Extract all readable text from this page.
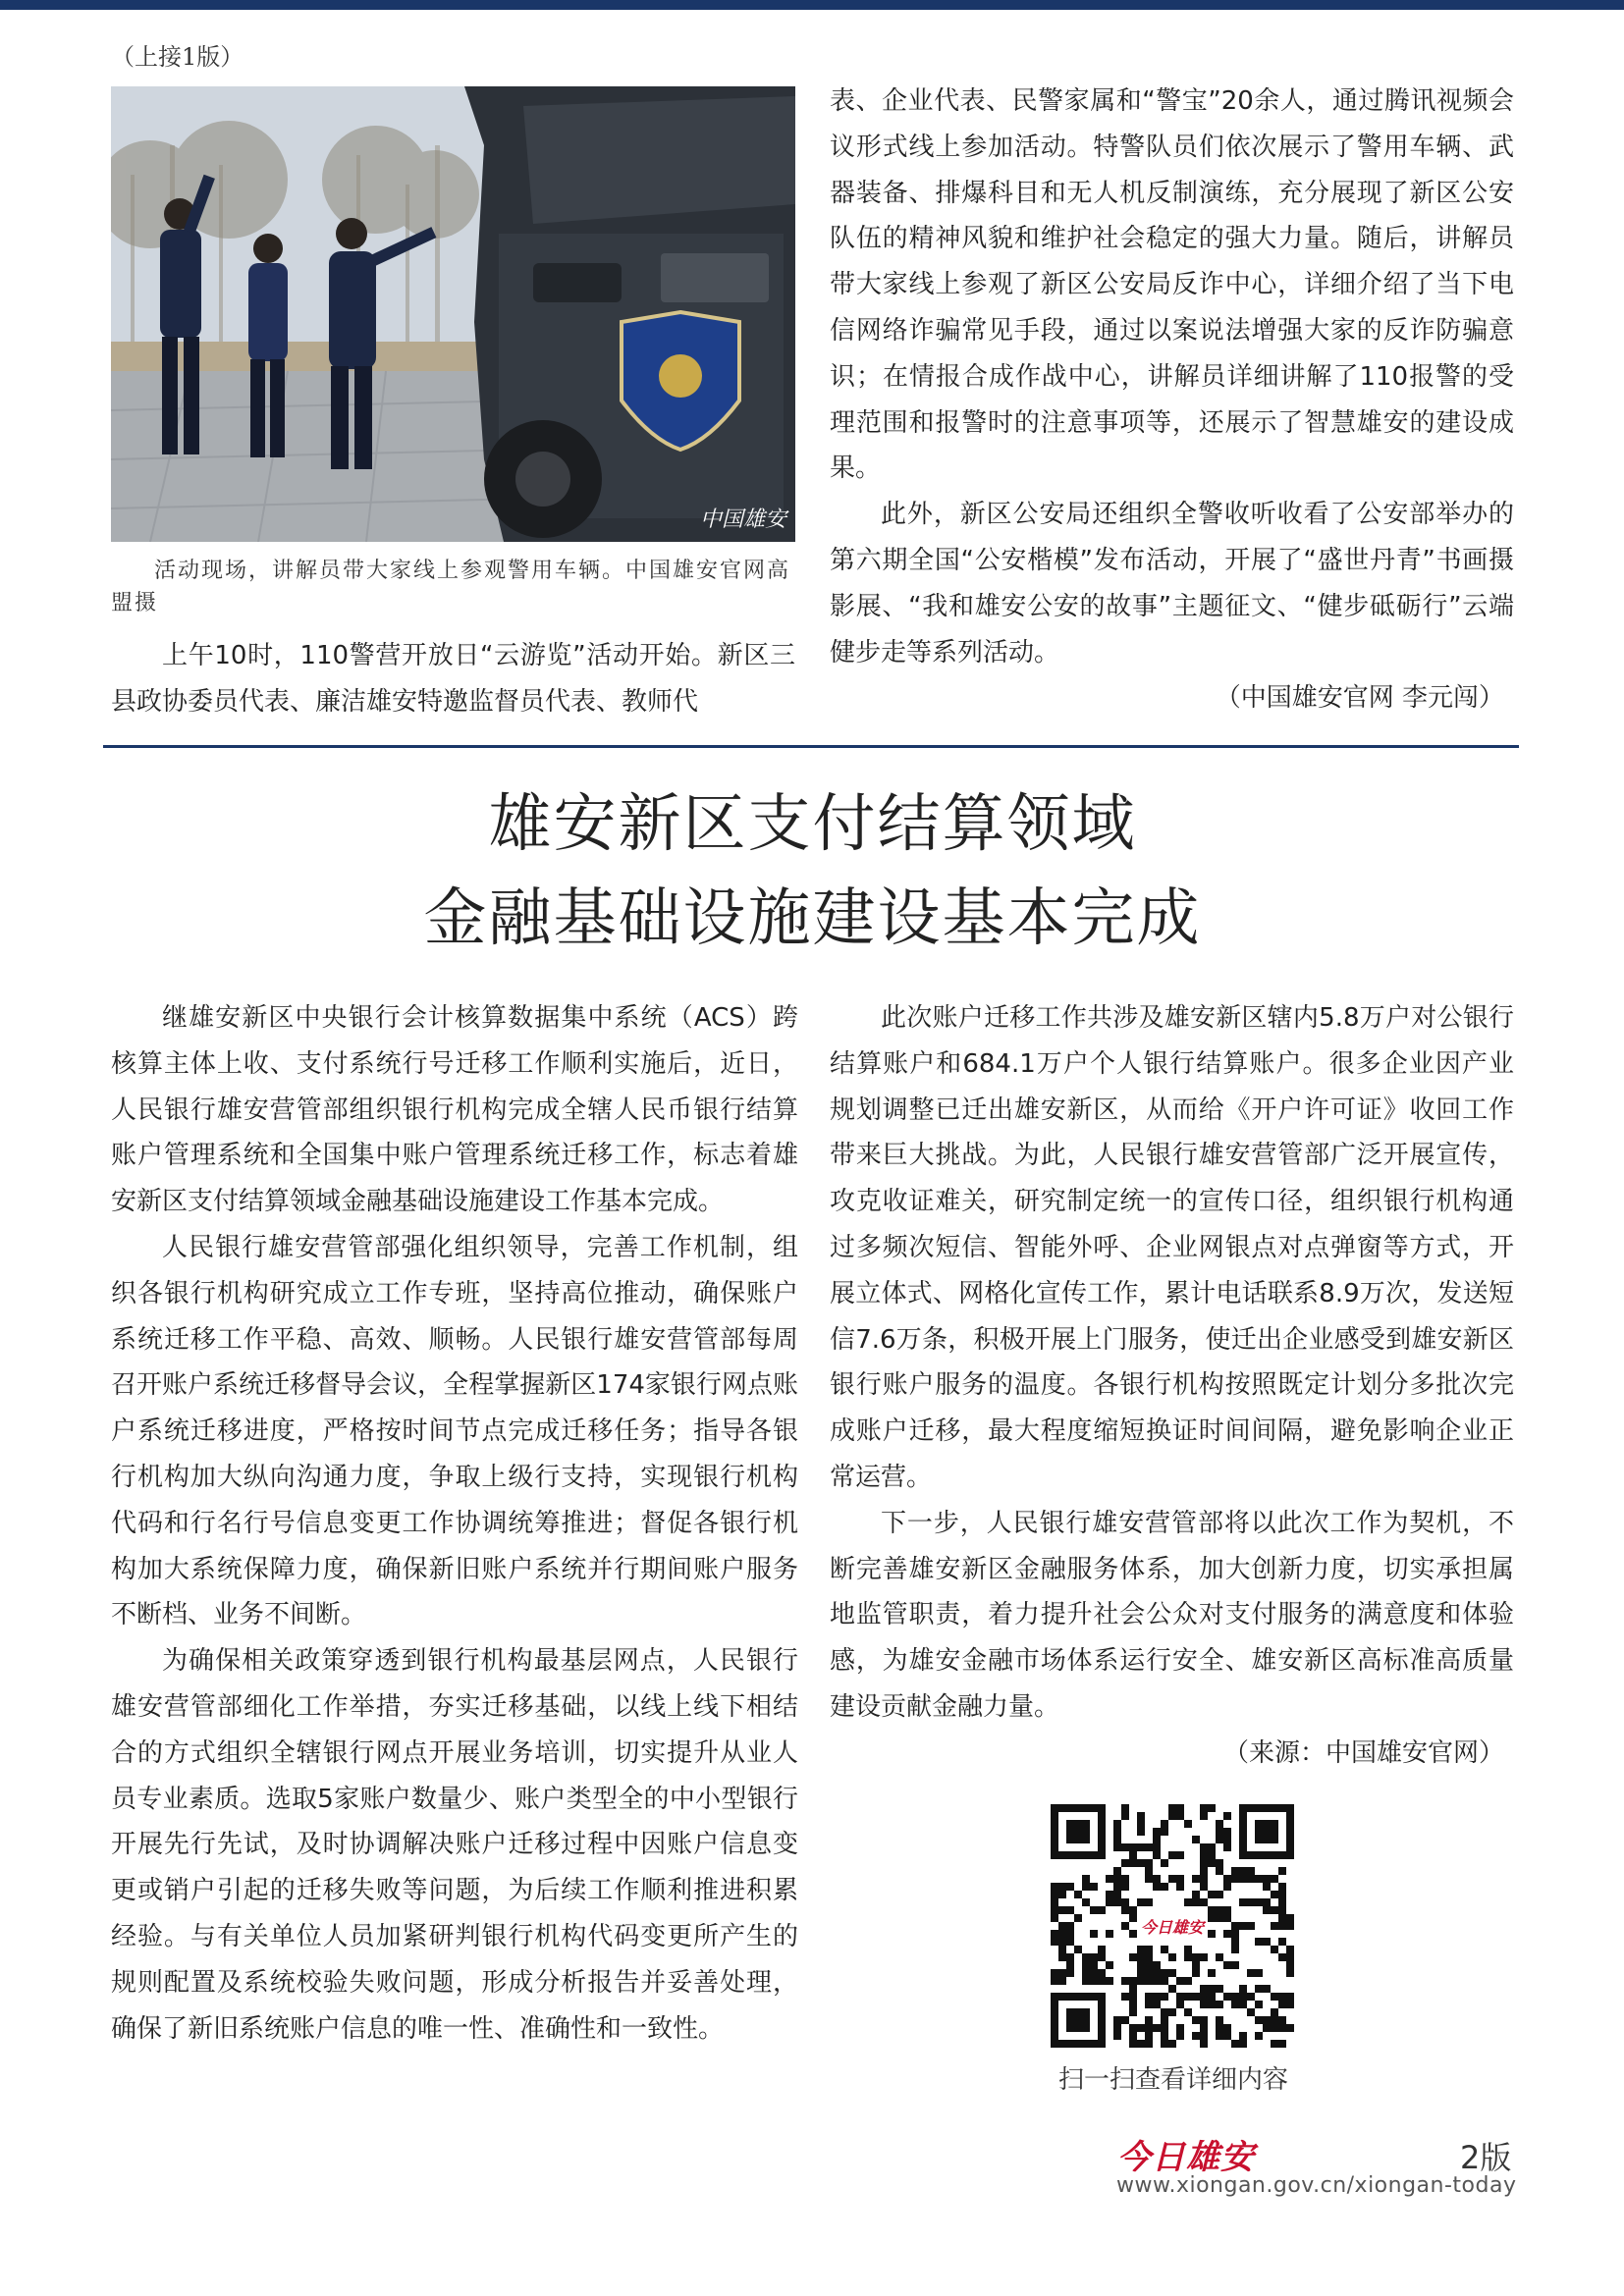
（上接1版）
中国雄安
活动现场，讲解员带大家线上参观警用车辆。中国雄安官网高盟摄

上午10时，110警营开放日“云游览”活动开始。新区三县政协委员代表、廉洁雄安特邀监督员代表、教师代

表、企业代表、民警家属和“警宝”20余人，通过腾讯视频会议形式线上参加活动。特警队员们依次展示了警用车辆、武器装备、排爆科目和无人机反制演练，充分展现了新区公安队伍的精神风貌和维护社会稳定的强大力量。随后，讲解员带大家线上参观了新区公安局反诈中心，详细介绍了当下电信网络诈骗常见手段，通过以案说法增强大家的反诈防骗意识；在情报合成作战中心，讲解员详细讲解了110报警的受理范围和报警时的注意事项等，还展示了智慧雄安的建设成果。

此外，新区公安局还组织全警收听收看了公安部举办的第六期全国“公安楷模”发布活动，开展了“盛世丹青”书画摄影展、“我和雄安公安的故事”主题征文、“健步砥砺行”云端健步走等系列活动。

（中国雄安官网 李元闯）

雄安新区支付结算领域
金融基础设施建设基本完成

继雄安新区中央银行会计核算数据集中系统（ACS）跨核算主体上收、支付系统行号迁移工作顺利实施后，近日，人民银行雄安营管部组织银行机构完成全辖人民币银行结算账户管理系统和全国集中账户管理系统迁移工作，标志着雄安新区支付结算领域金融基础设施建设工作基本完成。

人民银行雄安营管部强化组织领导，完善工作机制，组织各银行机构研究成立工作专班，坚持高位推动，确保账户系统迁移工作平稳、高效、顺畅。人民银行雄安营管部每周召开账户系统迁移督导会议，全程掌握新区174家银行网点账户系统迁移进度，严格按时间节点完成迁移任务；指导各银行机构加大纵向沟通力度，争取上级行支持，实现银行机构代码和行名行号信息变更工作协调统筹推进；督促各银行机构加大系统保障力度，确保新旧账户系统并行期间账户服务不断档、业务不间断。

为确保相关政策穿透到银行机构最基层网点，人民银行雄安营管部细化工作举措，夯实迁移基础，以线上线下相结合的方式组织全辖银行网点开展业务培训，切实提升从业人员专业素质。选取5家账户数量少、账户类型全的中小型银行开展先行先试，及时协调解决账户迁移过程中因账户信息变更或销户引起的迁移失败等问题，为后续工作顺利推进积累经验。与有关单位人员加紧研判银行机构代码变更所产生的规则配置及系统校验失败问题，形成分析报告并妥善处理，确保了新旧系统账户信息的唯一性、准确性和一致性。

此次账户迁移工作共涉及雄安新区辖内5.8万户对公银行结算账户和684.1万户个人银行结算账户。很多企业因产业规划调整已迁出雄安新区，从而给《开户许可证》收回工作带来巨大挑战。为此，人民银行雄安营管部广泛开展宣传，攻克收证难关，研究制定统一的宣传口径，组织银行机构通过多频次短信、智能外呼、企业网银点对点弹窗等方式，开展立体式、网格化宣传工作，累计电话联系8.9万次，发送短信7.6万条，积极开展上门服务，使迁出企业感受到雄安新区银行账户服务的温度。各银行机构按照既定计划分多批次完成账户迁移，最大程度缩短换证时间间隔，避免影响企业正常运营。

下一步，人民银行雄安营管部将以此次工作为契机，不断完善雄安新区金融服务体系，加大创新力度，切实承担属地监管职责，着力提升社会公众对支付服务的满意度和体验感，为雄安金融市场体系运行安全、雄安新区高标准高质量建设贡献金融力量。

（来源：中国雄安官网）

今日雄安
扫一扫查看详细内容
今日雄安	2版
www.xiongan.gov.cn/xiongan-today
